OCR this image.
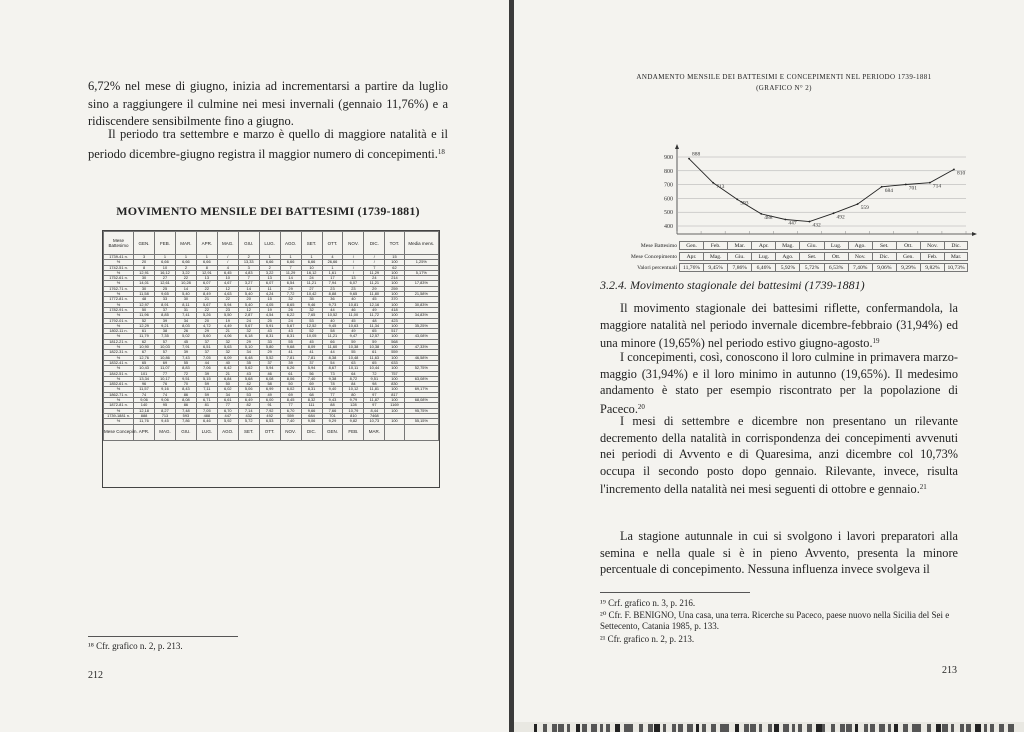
6,72% nel mese di giugno, inizia ad incrementarsi a partire da luglio sino a raggiungere il culmine nei mesi invernali (gennaio 11,76%) e a ridiscendere sensibilmente fino a giugno.

Il periodo tra settembre e marzo è quello di maggiore natalità e il periodo dicembre-giugno registra il maggior numero di concepimenti.$^{18}$

MOVIMENTO MENSILE DEI BATTESIMI (1739-1881)
Mese Battesimo	GEN.	FEB.	MAR.	APR.	MAG.	GIU.	LUG.	AGO.	SET.	OTT.	NOV.	DIC.	TOT.	Media mens.
1739-41 n.	3	1	1	1	/	2	1	1	1	4	/	/	15	
%	20	6,66	6,66	6,66	/	13,33	6,66	6,66	6,66	26,66	/	/	100	1,25%
1742-51 n.	8	10	2	8	4	3	2	7	10	1	/	7	62	
%	12,91	16,12	3,22	12,91	6,45	4,83	3,22	11,29	16,12	1,61	/	11,29	100	5,17%
1752-61 n.	30	27	22	13	10	7	13	14	24	17	13	24	214	
%	14,01	12,61	10,28	6,07	4,67	3,27	6,07	6,54	11,21	7,94	6,07	11,21	100	17,83%
1762-71 n.	30	25	14	22	12	14	11	29	27	23	23	29	259	
%	11,58	9,65	5,40	8,49	4,63	5,40	4,24	7,72	10,42	8,88	9,65	11,80	100	21,58%
1772-81 n.	48	33	30	21	22	20	15	32	35	36	40	45	370	
%	12,97	8,91	8,11	5,67	5,94	5,40	4,05	8,65	9,46	9,73	10,81	12,16	100	30,83%
1782-91 n.	50	37	31	22	23	12	19	26	32	44	46	49	418	
%	11,96	8,85	7,41	5,26	5,50	2,87	4,54	6,22	7,65	10,52	11,00	11,72	100	34,83%
1792-01 n.	52	39	34	20	19	24	25	24	53	40	45	48	423	
%	12,29	9,21	8,03	4,72	4,49	5,67	5,91	5,67	12,52	9,45	10,63	11,34	100	35,25%
1802-11 n.	61	38	26	29	21	32	43	43	52	58	49	65	517	
%	11,79	7,35	5,02	5,60	4,06	6,18	8,31	8,31	10,05	11,21	9,47	12,57	100	43,08%
1812-21 n.	62	57	45	37	32	29	33	55	45	66	59	59	568	
%	10,90	10,03	7,91	6,51	5,63	5,10	5,80	9,68	8,09	11,60	10,38	10,38	100	47,33%
1822-31 n.	67	57	39	37	32	34	29	41	41	44	55	61	559	
%	12,76	10,86	7,43	7,05	6,09	6,48	5,52	7,81	7,81	8,38	10,48	11,63	100	46,58%
1832-41 n.	65	69	55	44	40	35	37	39	37	54	63	65	633	
%	10,43	11,07	8,83	7,06	6,42	5,62	5,94	6,26	5,94	8,67	10,11	10,44	100	52,75%
1842-51 n.	101	77	72	39	21	43	46	61	56	73	64	72	757	
%	13,34	10,17	9,51	5,15	6,84	5,68	6,08	8,06	7,40	9,38	8,72	9,51	100	63,08%
1852-61 n.	96	76	70	59	50	42	58	50	69	78	84	98	830	
%	11,57	9,16	8,43	7,11	6,02	5,06	6,99	6,02	8,31	9,40	10,12	11,81	100	69,17%
1862-71 n.	74	74	86	59	34	53	49	69	68	77	80	97	817	
%	9,06	9,06	8,08	6,71	6,61	6,49	6,00	8,45	8,32	9,43	9,79	11,87	100	68,08%
1872-81 n.	140	95	86	81	77	82	91	77	111	88	128	97	1169	
%	12,18	8,27	7,48	7,05	6,70	7,14	7,92	6,70	9,66	7,66	10,79	8,44	100	95,75%
1739-1881 n.	888	713	593	488	447	432	492	559	684	701	810	7468		
%	11,76	9,45	7,86	6,46	5,92	5,72	6,53	7,40	9,06	9,29	9,82	10,73	100	55,15%
Mese Concepim.	APR.	MAG.	GIU.	LUG.	AGO.	SET.	OTT.	NOV.	DIC.	GEN.	FEB.	MAR.		

¹⁸ Cfr. grafico n. 2, p. 213.

212
ANDAMENTO MENSILE DEI BATTESIMI E CONCEPIMENTI NEL PERIODO 1739-1881
(GRAFICO N° 2)
400
500
600
700
800
900
888
713
593
488
447	432
492
559
684	701	714
810
3.2.4. Movimento stagionale dei battesimi (1739-1881)

Il movimento stagionale dei battesimi riflette, confermandola, la maggiore natalità nel periodo invernale dicembre-febbraio (31,94%) ed una minore (19,65%) nel periodo estivo giugno-agosto.$^{19}$

I concepimenti, così, conoscono il loro culmine in primavera marzo-maggio (31,94%) e il loro minimo in autunno (19,65%). Il medesimo andamento è stato per esempio riscontrato per la popolazione di Paceco.$^{20}$

I mesi di settembre e dicembre non presentano un rilevante decremento della natalità in corrispondenza dei concepimenti avvenuti nei periodi di Avvento e di Quaresima, anzi dicembre col 10,73% occupa il secondo posto dopo gennaio. Rilevante, invece, risulta l'incremento della natalità nei mesi seguenti di ottobre e gennaio.$^{21}$

La stagione autunnale in cui si svolgono i lavori preparatori alla semina e nella quale si è in pieno Avvento, presenta la minore percentuale di concepimento. Nessuna influenza invece svolgeva il

¹⁹ Crf. grafico n. 3, p. 216.

²⁰ Cfr. F. BENIGNO, Una casa, una terra. Ricerche su Paceco, paese nuovo nella Sicilia del Sei e Settecento, Catania 1985, p. 133.

²¹ Cfr. grafico n. 2, p. 213.

213
Mese Battesimo	Gen.	Feb.	Mar.	Apr.	Mag.	Giu.	Lug.	Ago.	Set.	Ott.	Nov.	Dic.
Mese Concepimento	Apr.	Mag.	Giu.	Lug.	Ago.	Set.	Ott.	Nov.	Dic.	Gen.	Feb.	Mar.
Valori percentuali	11,76%	9,45%	7,86%	6,46%	5,92%	5,72%	6,53%	7,40%	9,06%	9,29%	9,82%	10,73%
